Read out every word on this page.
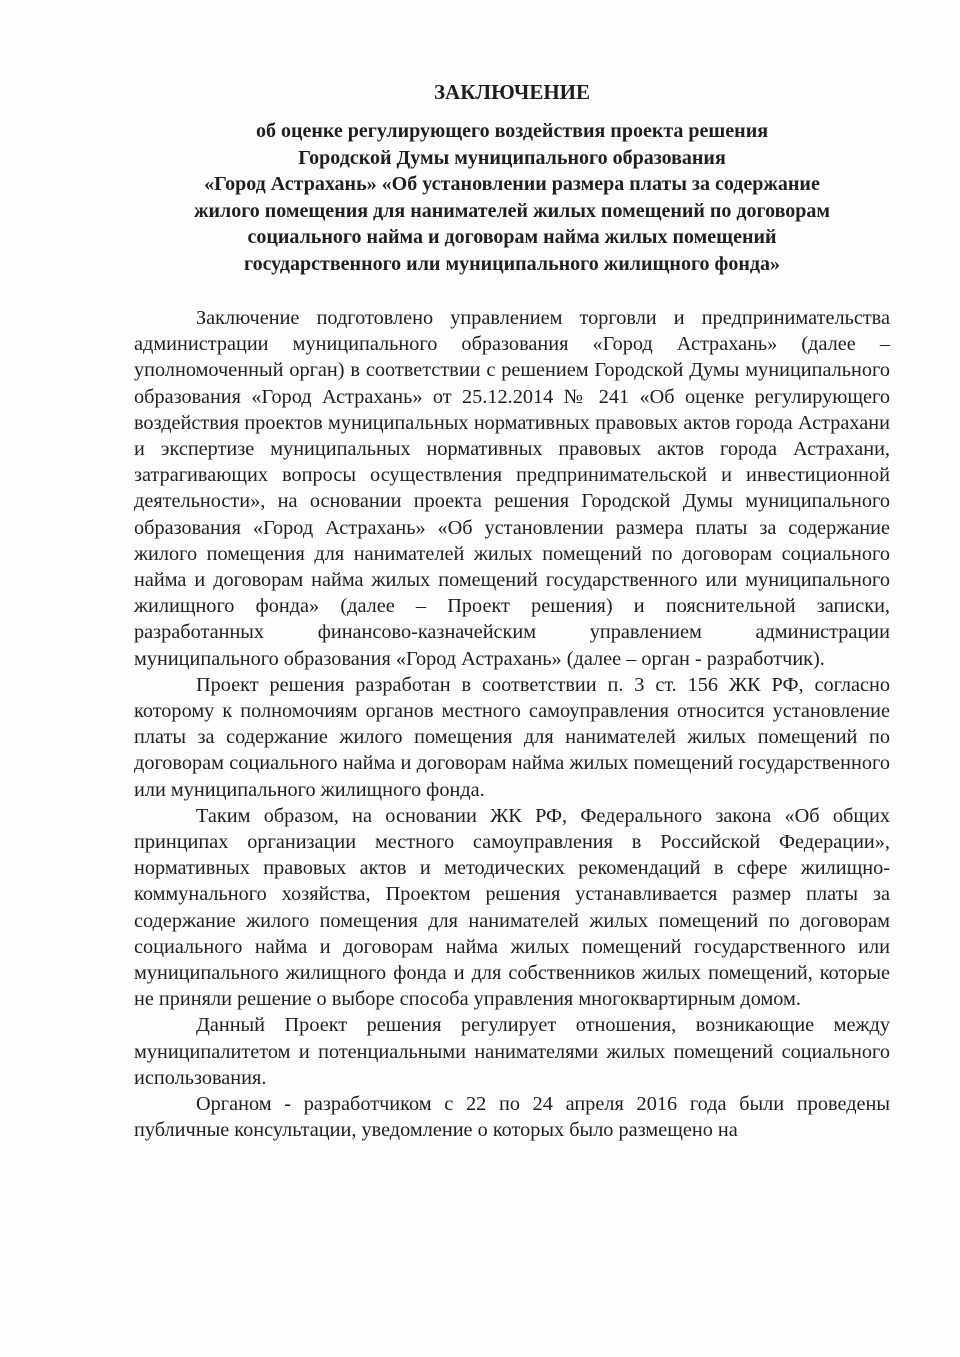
ЗАКЛЮЧЕНИЕ
об оценке регулирующего воздействия проекта решения
Городской Думы муниципального образования
«Город Астрахань» «Об установлении размера платы за содержание
жилого помещения для нанимателей жилых помещений по договорам
социального найма и договорам найма жилых помещений
государственного или муниципального жилищного фонда»

Заключение подготовлено управлением торговли и предпринимательства администрации муниципального образования «Город Астрахань» (далее – уполномоченный орган) в соответствии с решением Городской Думы муниципального образования «Город Астрахань» от 25.12.2014 № 241 «Об оценке регулирующего воздействия проектов муниципальных нормативных правовых актов города Астрахани и экспертизе муниципальных нормативных правовых актов города Астрахани, затрагивающих вопросы осуществления предпринимательской и инвестиционной деятельности», на основании проекта решения Городской Думы муниципального образования «Город Астрахань» «Об установлении размера платы за содержание жилого помещения для нанимателей жилых помещений по договорам социального найма и договорам найма жилых помещений государственного или муниципального жилищного фонда» (далее – Проект решения) и пояснительной записки, разработанных финансово-казначейским управлением администрации муниципального образования «Город Астрахань» (далее – орган - разработчик).

Проект решения разработан в соответствии п. 3 ст. 156 ЖК РФ, согласно которому к полномочиям органов местного самоуправления относится установление платы за содержание жилого помещения для нанимателей жилых помещений по договорам социального найма и договорам найма жилых помещений государственного или муниципального жилищного фонда.

Таким образом, на основании ЖК РФ, Федерального закона «Об общих принципах организации местного самоуправления в Российской Федерации», нормативных правовых актов и методических рекомендаций в сфере жилищно-коммунального хозяйства, Проектом решения устанавливается размер платы за содержание жилого помещения для нанимателей жилых помещений по договорам социального найма и договорам найма жилых помещений государственного или муниципального жилищного фонда и для собственников жилых помещений, которые не приняли решение о выборе способа управления многоквартирным домом.

Данный Проект решения регулирует отношения, возникающие между муниципалитетом и потенциальными нанимателями жилых помещений социального использования.

Органом - разработчиком с 22 по 24 апреля 2016 года были проведены публичные консультации, уведомление о которых было размещено на
